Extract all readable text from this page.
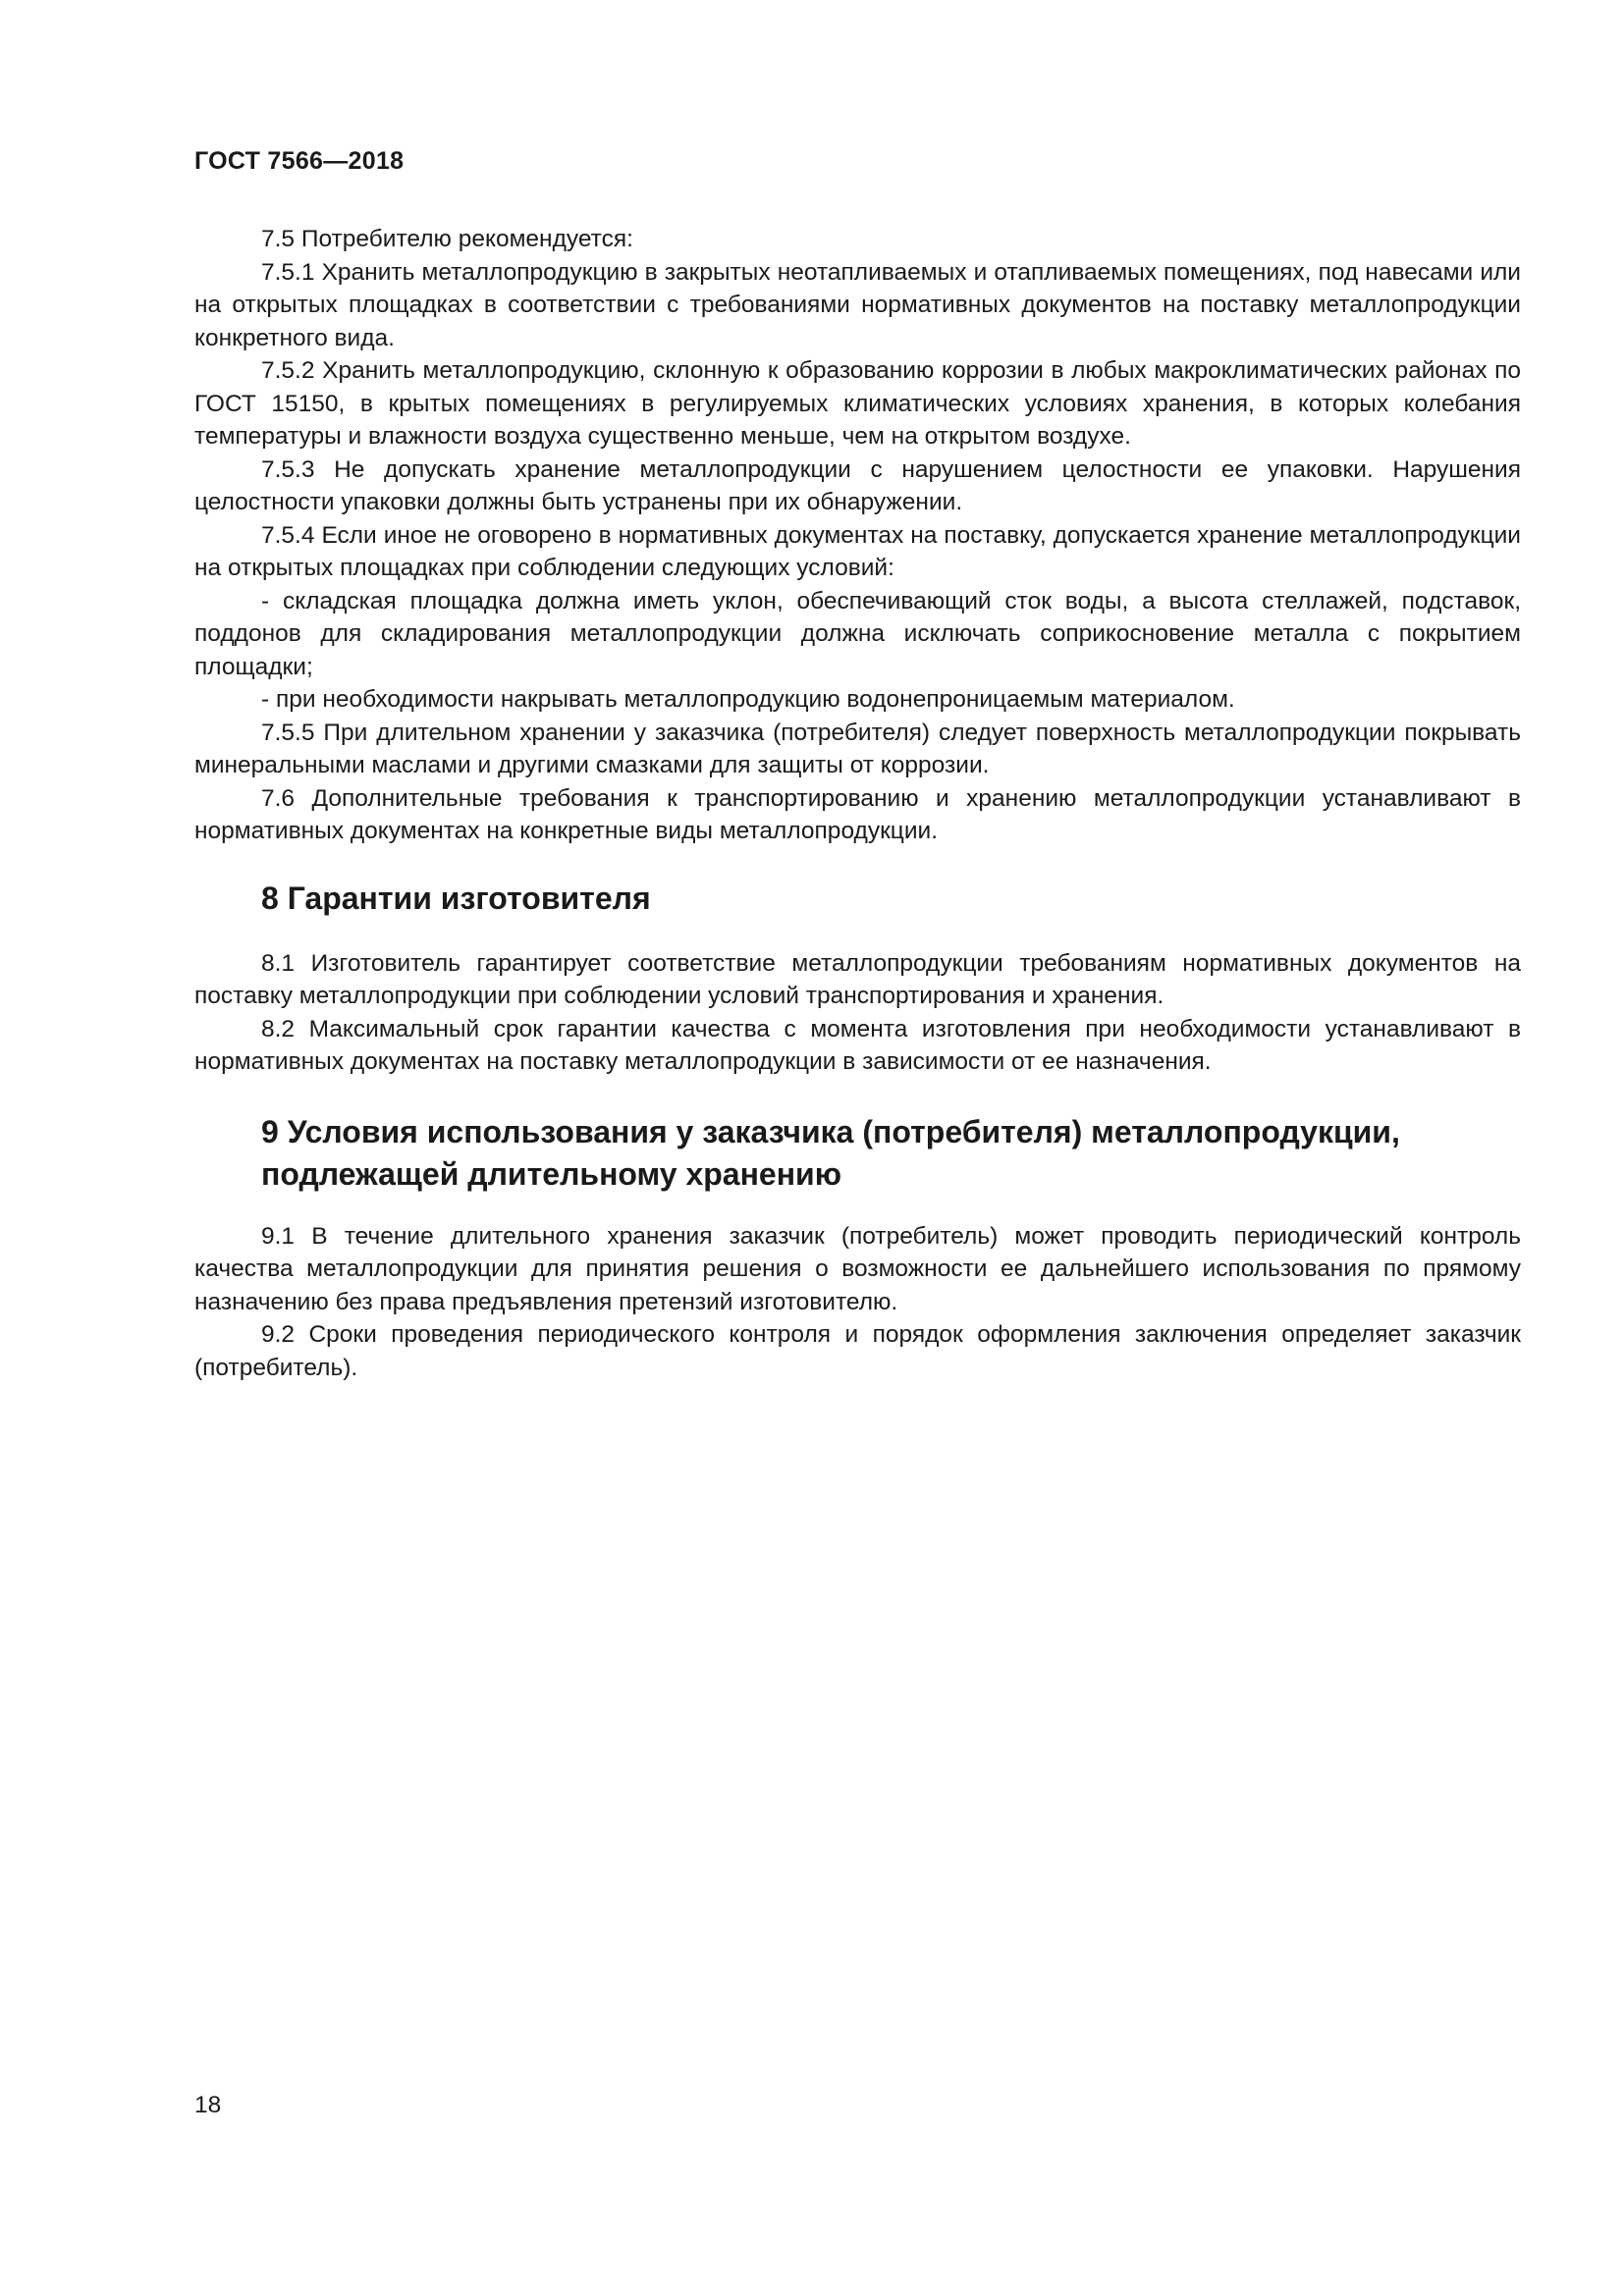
ГОСТ 7566—2018

7.5 Потребителю рекомендуется:

7.5.1 Хранить металлопродукцию в закрытых неотапливаемых и отапливаемых помещениях, под навесами или на открытых площадках в соответствии с требованиями нормативных документов на поставку металлопродукции конкретного вида.

7.5.2 Хранить металлопродукцию, склонную к образованию коррозии в любых макроклиматических районах по ГОСТ 15150, в крытых помещениях в регулируемых климатических условиях хранения, в которых колебания температуры и влажности воздуха существенно меньше, чем на открытом воздухе.

7.5.3 Не допускать хранение металлопродукции с нарушением целостности ее упаковки. Нарушения целостности упаковки должны быть устранены при их обнаружении.

7.5.4 Если иное не оговорено в нормативных документах на поставку, допускается хранение металлопродукции на открытых площадках при соблюдении следующих условий:

- складская площадка должна иметь уклон, обеспечивающий сток воды, а высота стеллажей, подставок, поддонов для складирования металлопродукции должна исключать соприкосновение металла с покрытием площадки;

- при необходимости накрывать металлопродукцию водонепроницаемым материалом.

7.5.5 При длительном хранении у заказчика (потребителя) следует поверхность металлопродукции покрывать минеральными маслами и другими смазками для защиты от коррозии.

7.6 Дополнительные требования к транспортированию и хранению металлопродукции устанавливают в нормативных документах на конкретные виды металлопродукции.

8 Гарантии изготовителя

8.1 Изготовитель гарантирует соответствие металлопродукции требованиям нормативных документов на поставку металлопродукции при соблюдении условий транспортирования и хранения.

8.2 Максимальный срок гарантии качества с момента изготовления при необходимости устанавливают в нормативных документах на поставку металлопродукции в зависимости от ее назначения.

9 Условия использования у заказчика (потребителя) металлопродукции, подлежащей длительному хранению

9.1 В течение длительного хранения заказчик (потребитель) может проводить периодический контроль качества металлопродукции для принятия решения о возможности ее дальнейшего использования по прямому назначению без права предъявления претензий изготовителю.

9.2 Сроки проведения периодического контроля и порядок оформления заключения определяет заказчик (потребитель).

18
